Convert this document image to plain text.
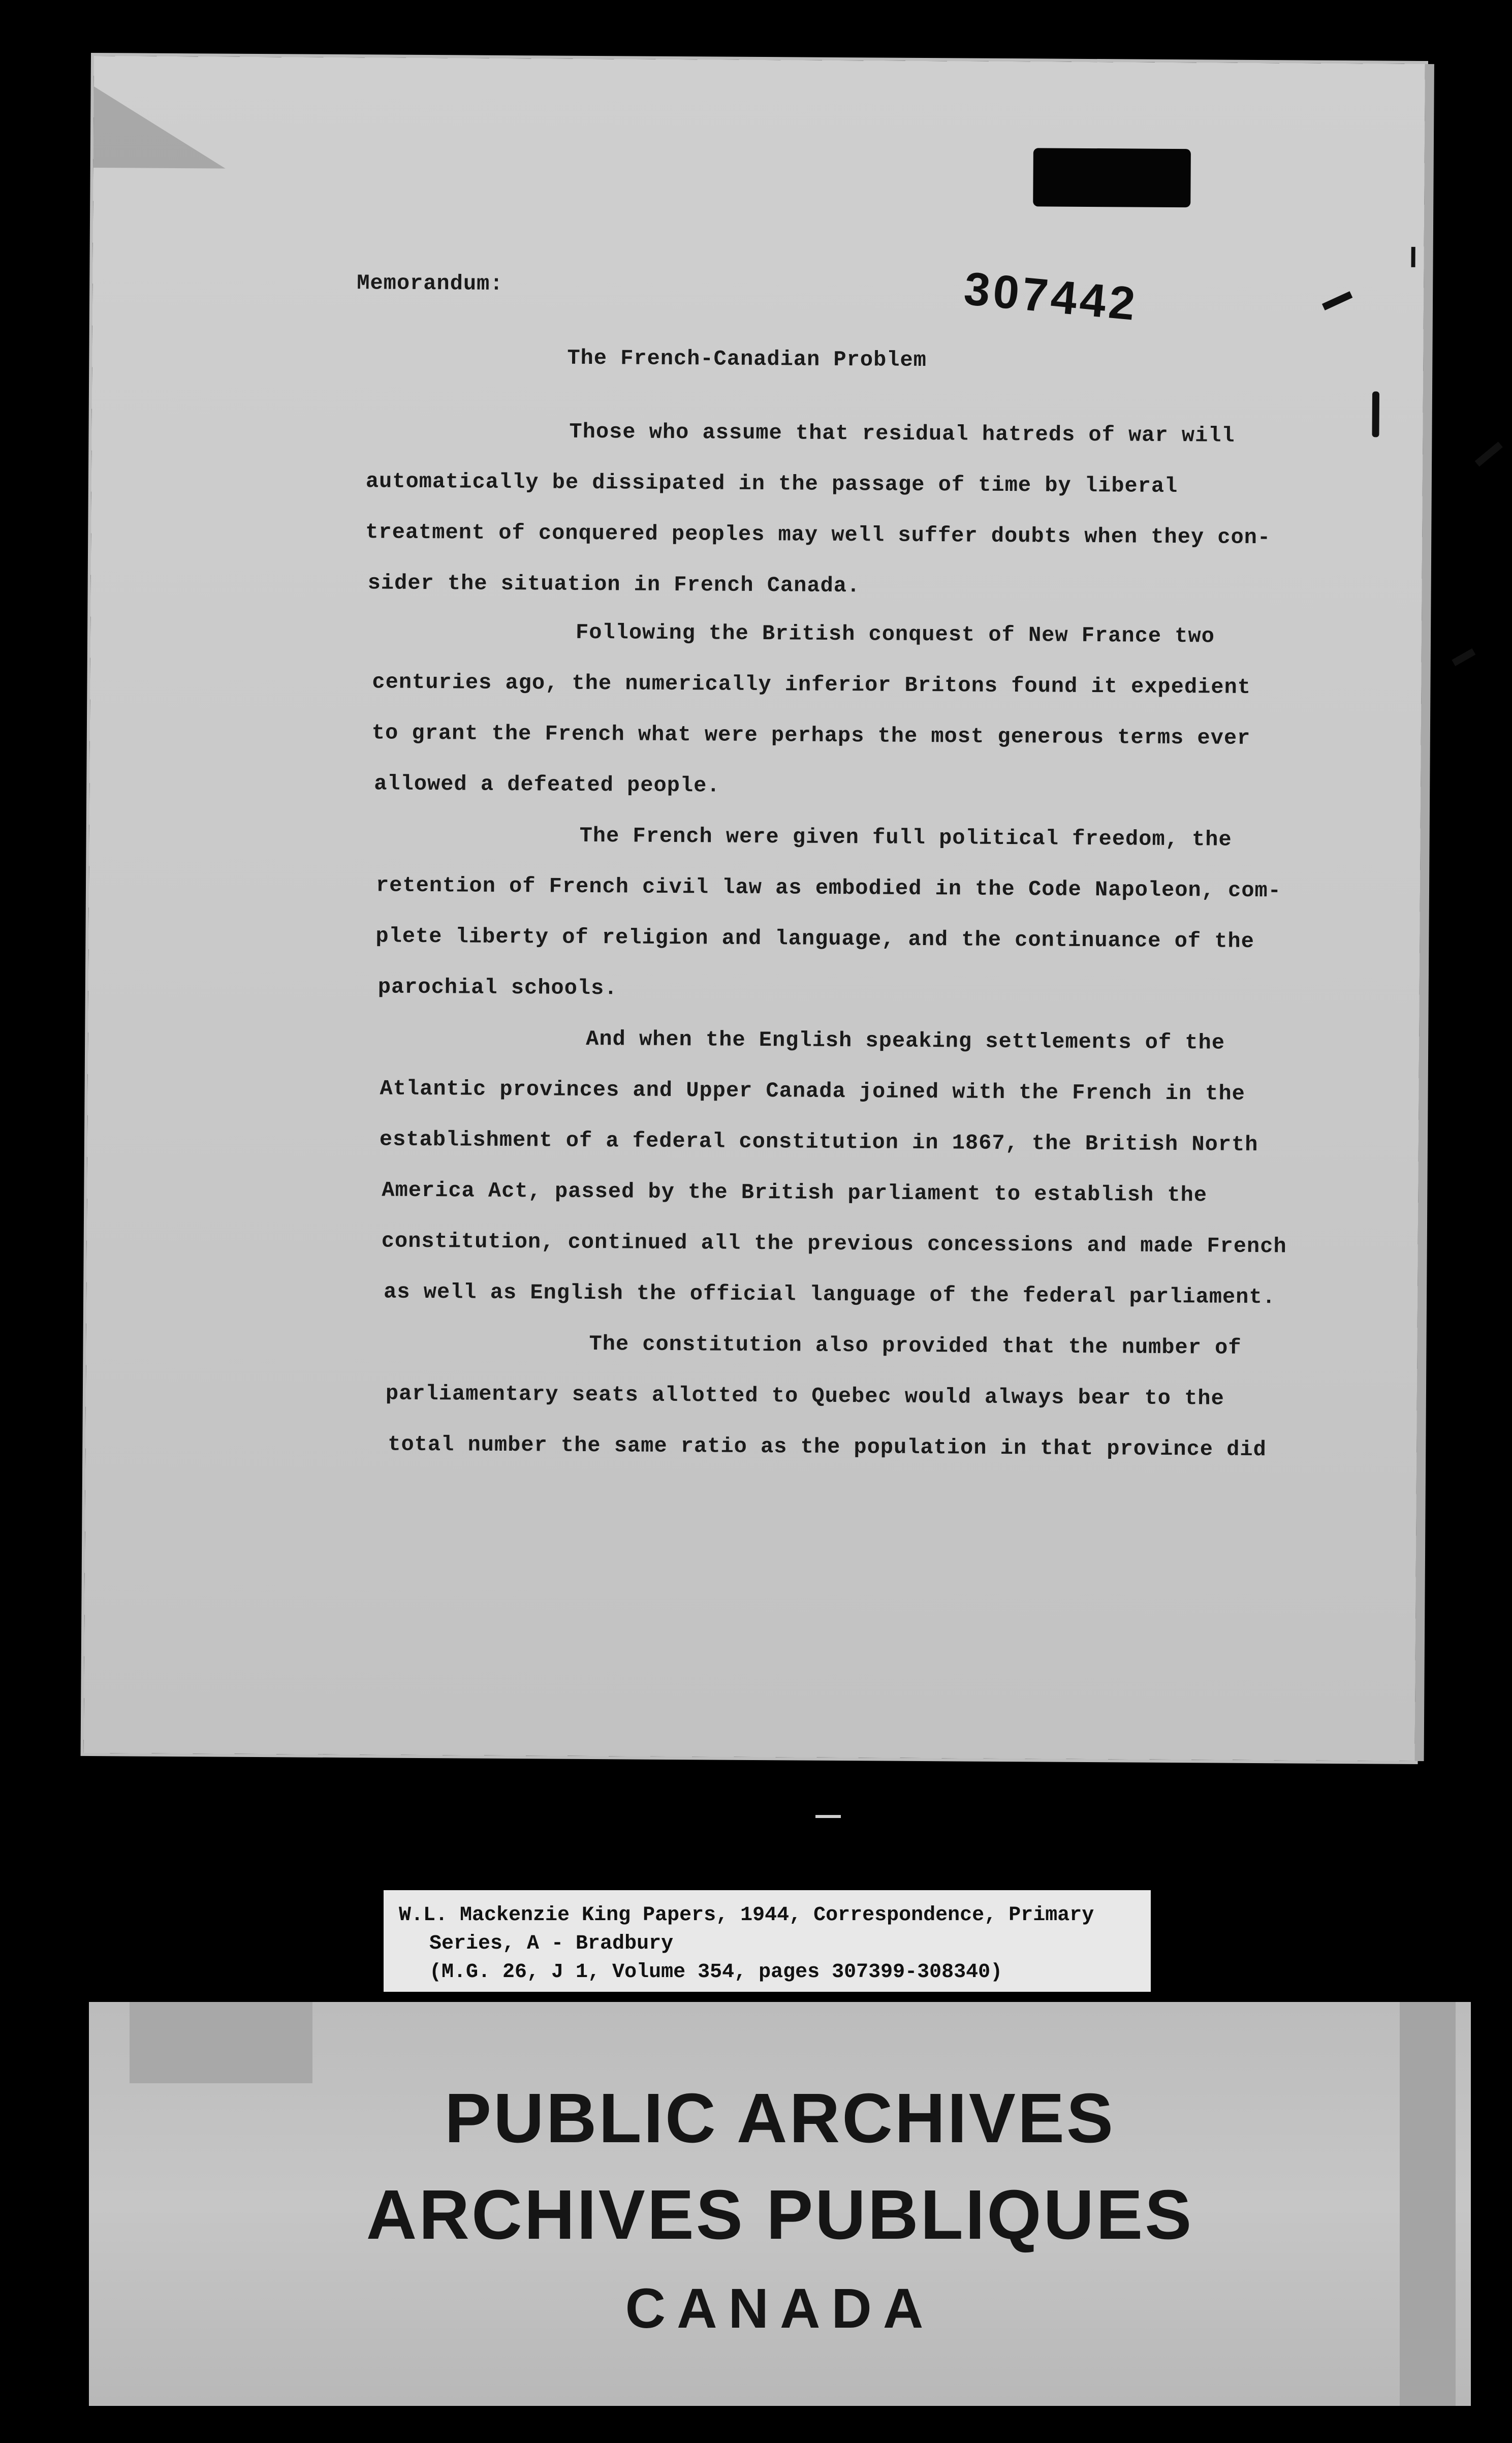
307442
Memorandum:
The French-Canadian Problem
Those who assume that residual hatreds of war will
automatically be dissipated in the passage of time by liberal
treatment of conquered peoples may well suffer doubts when they con-
sider the situation in French Canada.
Following the British conquest of New France two
centuries ago, the numerically inferior Britons found it expedient
to grant the French what were perhaps the most generous terms ever
allowed a defeated people.
The French were given full political freedom, the
retention of French civil law as embodied in the Code Napoleon, com-
plete liberty of religion and language, and the continuance of the
parochial schools.
And when the English speaking settlements of the
Atlantic provinces and Upper Canada joined with the French in the
establishment of a federal constitution in 1867, the British North
America Act, passed by the British parliament to establish the
constitution, continued all the previous concessions and made French
as well as English the official language of the federal parliament.
The constitution also provided that the number of
parliamentary seats allotted to Quebec would always bear to the
total number the same ratio as the population in that province did
W.L. Mackenzie King Papers, 1944, Correspondence, Primary
Series, A - Bradbury
(M.G. 26, J 1, Volume 354, pages 307399-308340)
PUBLIC ARCHIVES
ARCHIVES PUBLIQUES
CANADA
